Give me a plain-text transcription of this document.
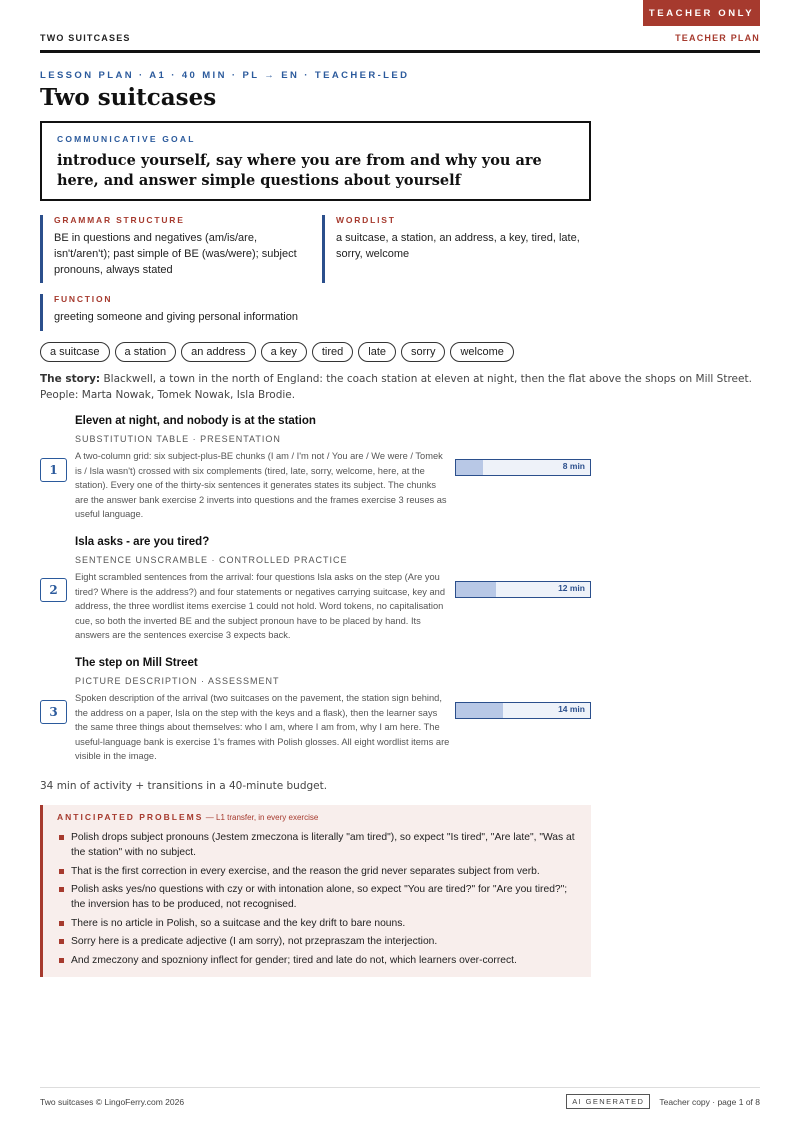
TEACHER ONLY
TWO SUITCASES	TEACHER PLAN
LESSON PLAN · A1 · 40 MIN · PL → EN · TEACHER-LED
Two suitcases
COMMUNICATIVE GOAL
introduce yourself, say where you are from and why you are here, and answer simple questions about yourself
GRAMMAR STRUCTURE
BE in questions and negatives (am/is/are, isn't/aren't); past simple of BE (was/were); subject pronouns, always stated
WORDLIST
a suitcase, a station, an address, a key, tired, late, sorry, welcome
FUNCTION
greeting someone and giving personal information
a suitcase	a station	an address	a key	tired	late	sorry	welcome

The story: Blackwell, a town in the north of England: the coach station at eleven at night, then the flat above the shops on Mill Street. People: Marta Nowak, Tomek Nowak, Isla Brodie.

1
Eleven at night, and nobody is at the station
SUBSTITUTION TABLE · PRESENTATION
A two-column grid: six subject-plus-BE chunks (I am / I'm not / You are / We were / Tomek is / Isla wasn't) crossed with six complements (tired, late, sorry, welcome, here, at the station). Every one of the thirty-six sentences it generates states its subject. The chunks are the answer bank exercise 2 inverts into questions and the frames exercise 3 reuses as useful language.
8 min
2
Isla asks - are you tired?
SENTENCE UNSCRAMBLE · CONTROLLED PRACTICE
Eight scrambled sentences from the arrival: four questions Isla asks on the step (Are you tired? Where is the address?) and four statements or negatives carrying suitcase, key and address, the three wordlist items exercise 1 could not hold. Word tokens, no capitalisation cue, so both the inverted BE and the subject pronoun have to be placed by hand. Its answers are the sentences exercise 3 expects back.
12 min
3
The step on Mill Street
PICTURE DESCRIPTION · ASSESSMENT
Spoken description of the arrival (two suitcases on the pavement, the station sign behind, the address on a paper, Isla on the step with the keys and a flask), then the learner says the same three things about themselves: who I am, where I am from, why I am here. The useful-language bank is exercise 1's frames with Polish glosses. All eight wordlist items are visible in the image.
14 min
34 min of activity + transitions in a 40-minute budget.
ANTICIPATED PROBLEMS — L1 transfer, in every exercise
Polish drops subject pronouns (Jestem zmeczona is literally "am tired"), so expect "Is tired", "Are late", "Was at the station" with no subject.
That is the first correction in every exercise, and the reason the grid never separates subject from verb.
Polish asks yes/no questions with czy or with intonation alone, so expect "You are tired?" for "Are you tired?"; the inversion has to be produced, not recognised.
There is no article in Polish, so a suitcase and the key drift to bare nouns.
Sorry here is a predicate adjective (I am sorry), not przepraszam the interjection.
And zmeczony and spozniony inflect for gender; tired and late do not, which learners over-correct.
Two suitcases © LingoFerry.com 2026	AI GENERATED	Teacher copy · page 1 of 8
